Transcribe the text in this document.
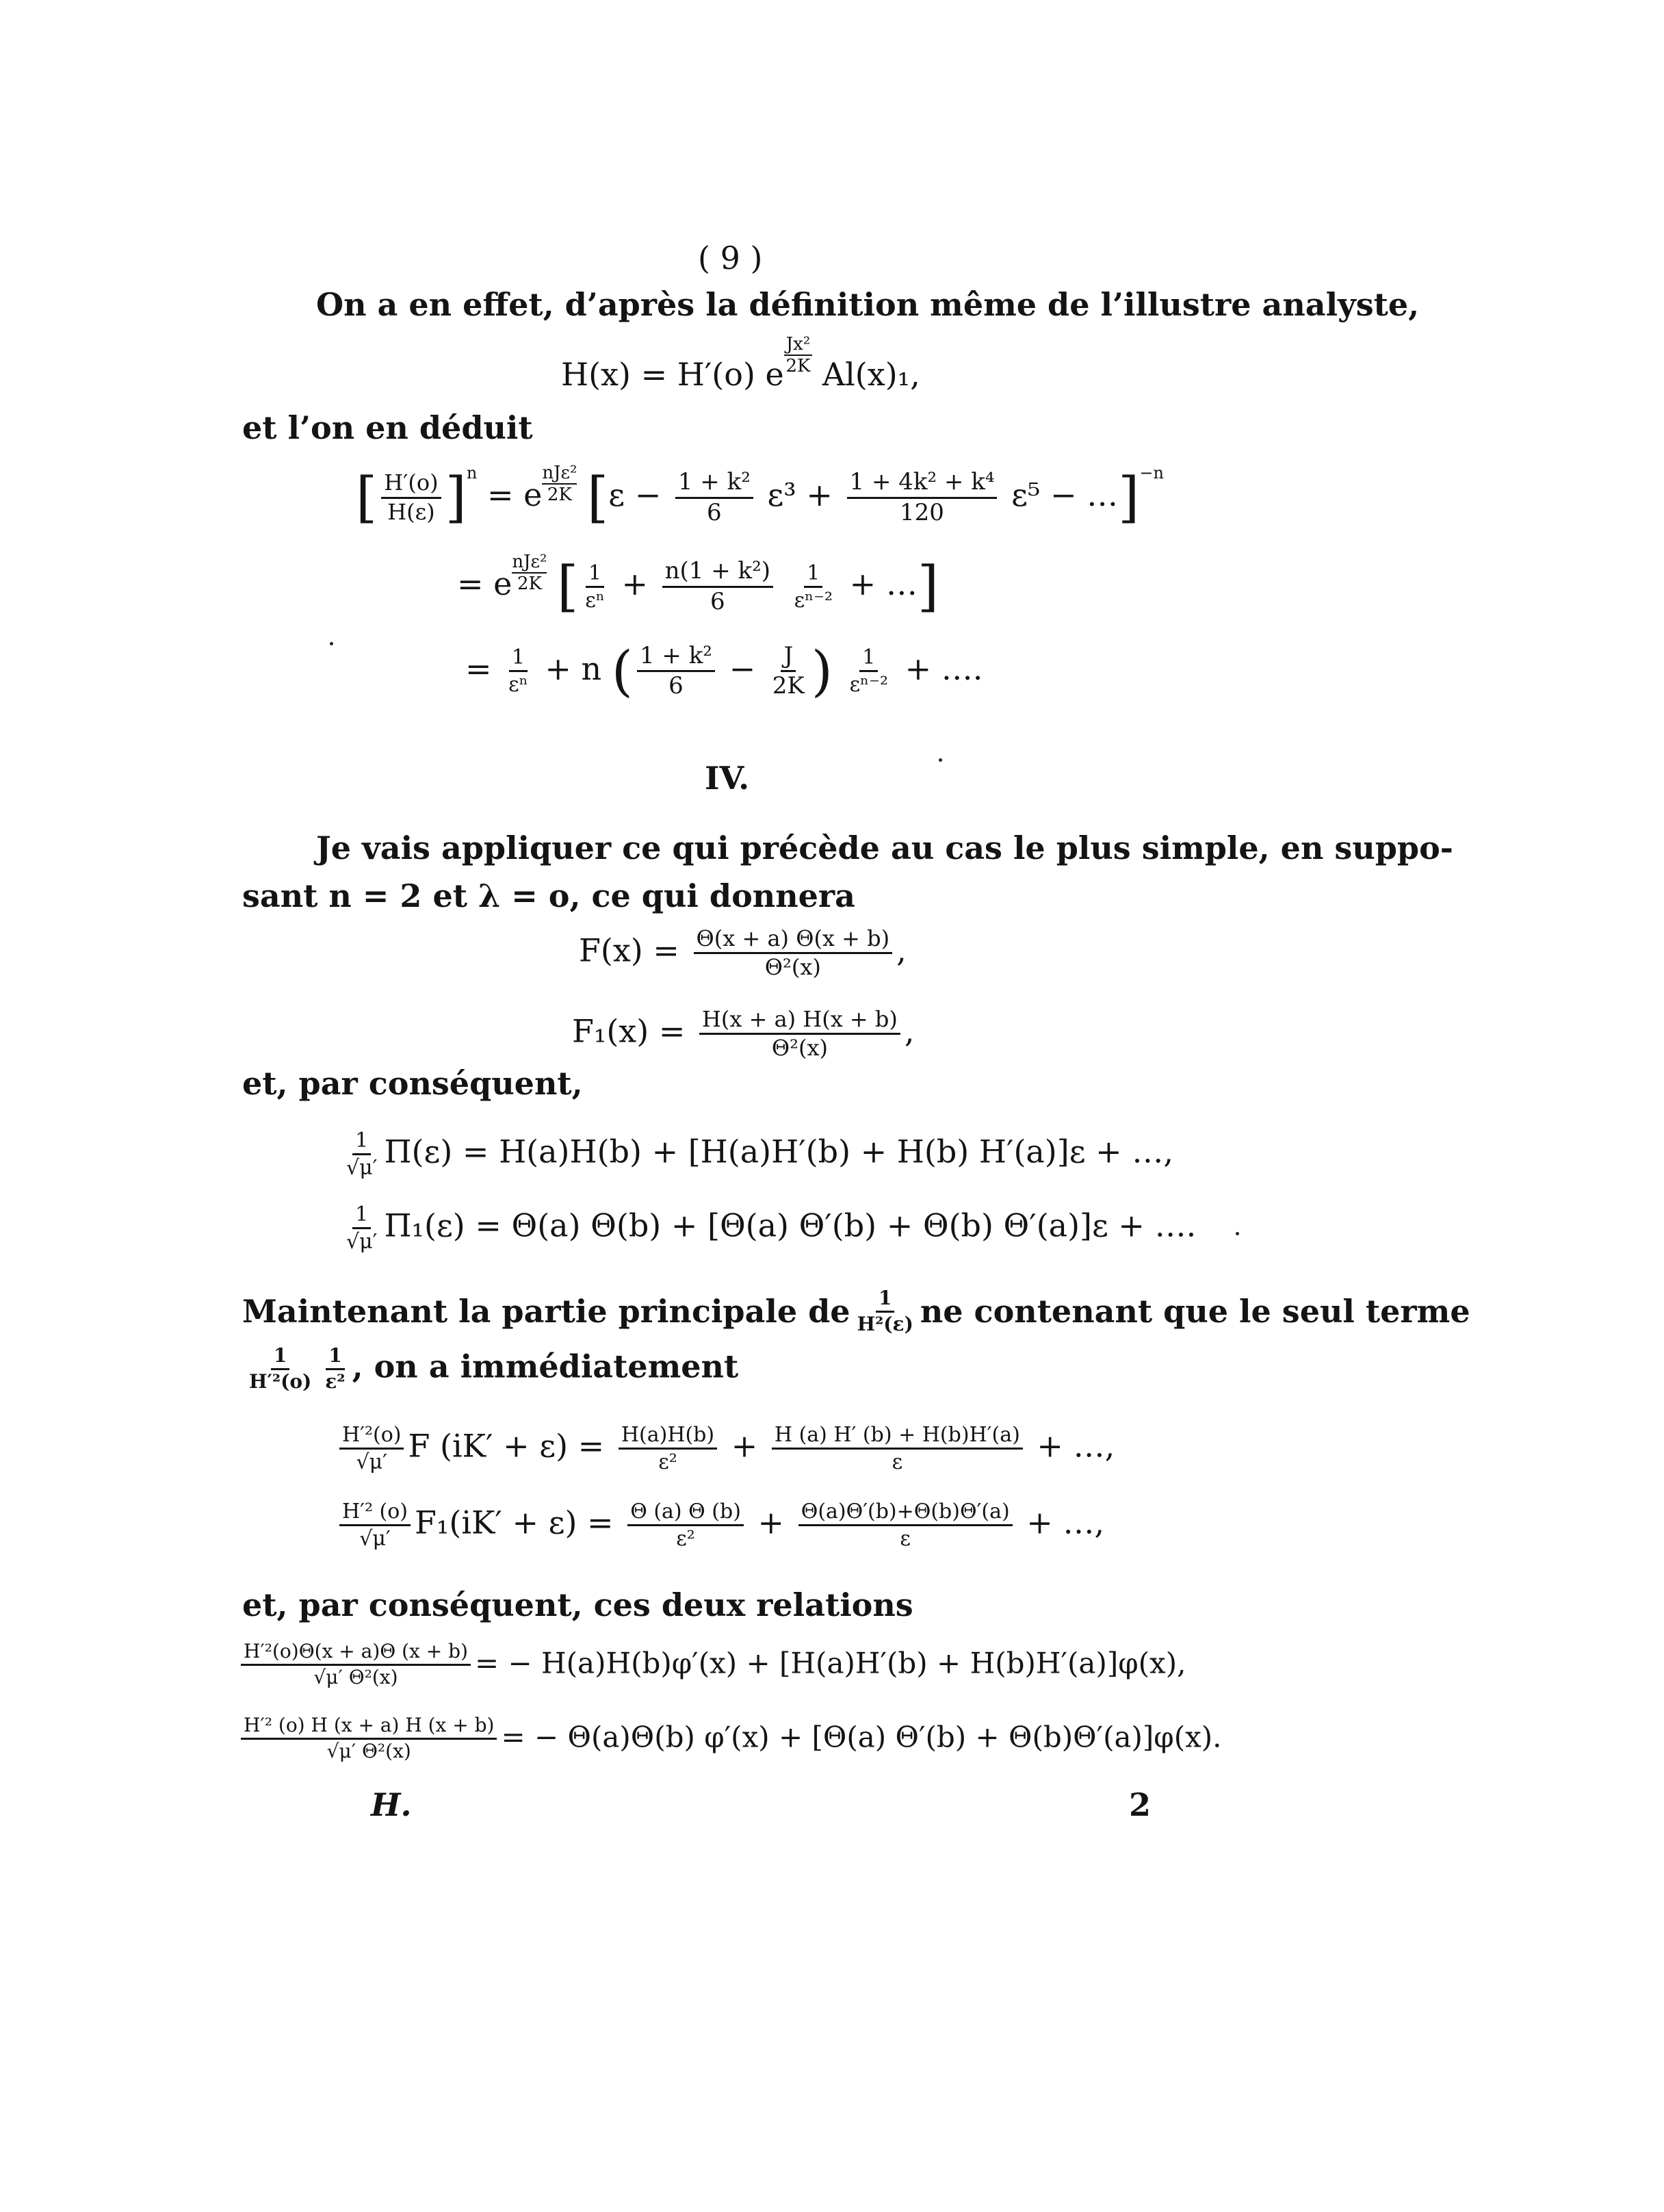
( 9 )
On a en effet, d’après la définition même de l’illustre analyste,
H(x) = H′(o) e $\frac{\text{Jx²}}{2K} Al(x)_1$,
et l’on en déduit
[ $\frac{H'(o)}{H(\varepsilon)} ]^n = e$
nJε²
2K [$\varepsilon - \frac{\text{1 + k²}}{6} \varepsilon^3 + \frac{\text{1 + 4k² + k⁴}}{120} \varepsilon^5$ − …]$^{-n}$
= e
nJε²
2K [ $\frac{1}{\text{εⁿ}} + \frac{\text{n(1 + k²)}}{6}$
$\frac{1}{\text{εⁿ⁻²}}$ + …]
= $\frac{1}{\text{εⁿ}} + n$ ( $\frac{\text{1 + k²}}{6} - \frac{J}{2K}$ ) $\frac{1}{\text{εⁿ⁻²}}$ + ….
IV.
Je vais appliquer ce qui précède au cas le plus simple, en suppo-
sant n = 2 et λ = o, ce qui donnera
$F(x) = \frac{\Theta(x + a) \Theta(x + b)}{\text{Θ²(x)}}$ ,
$F_1(x) = \frac{H(x + a) H(x + b)}{\text{Θ²(x)}}$ ,
et, par conséquent,
$\frac{1}{√\mu'} \Pi(\varepsilon) = H(a)H(b) + [H(a)H'(b) + H(b) H'(a)]\varepsilon$ + …,
$\frac{1}{√\mu'} \Pi_1(\varepsilon) = \Theta(a) \Theta(b) + [\Theta(a) \Theta'(b) + \Theta(b) \Theta'(a)]\varepsilon$ + ….
Maintenant la partie principale de $\frac{1}{\text{H²(ε)}}$ ne contenant que le seul terme
$\frac{1}{\text{H′²(o)}} \frac{1}{\text{ε²}}$ , on a immédiatement
$\frac{\text{H′²(o)}}{√\mu'}$ F $(iK' + \varepsilon) = \frac{H(a)H(b)}{\text{ε²}} + \frac{H (a) H' (b) + H(b)H'(a)}{\varepsilon}$ + …,
$\frac{\text{H′² (o)}}{√\mu'} F_1(iK' + \varepsilon) = \frac{\Theta (a) \Theta (b)}{\text{ε²}} + \frac{\Theta(a)\Theta'(b)+\Theta(b)\Theta'(a)}{\varepsilon}$ + …,
et, par conséquent, ces deux relations
$\frac{\text{H′²(o)Θ(x + a)Θ (x + b)}}{\text{√μ′ Θ²(x)}}$ = − H(a)H(b)φ′(x) + [H(a)H′(b) + H(b)H′(a)]φ(x),
$\frac{\text{H′² (o) H (x + a) H (x + b)}}{\text{√μ′ Θ²(x)}}$ = − Θ(a)Θ(b) φ′(x) + [Θ(a) Θ′(b) + Θ(b)Θ′(a)]φ(x).
H.	2
